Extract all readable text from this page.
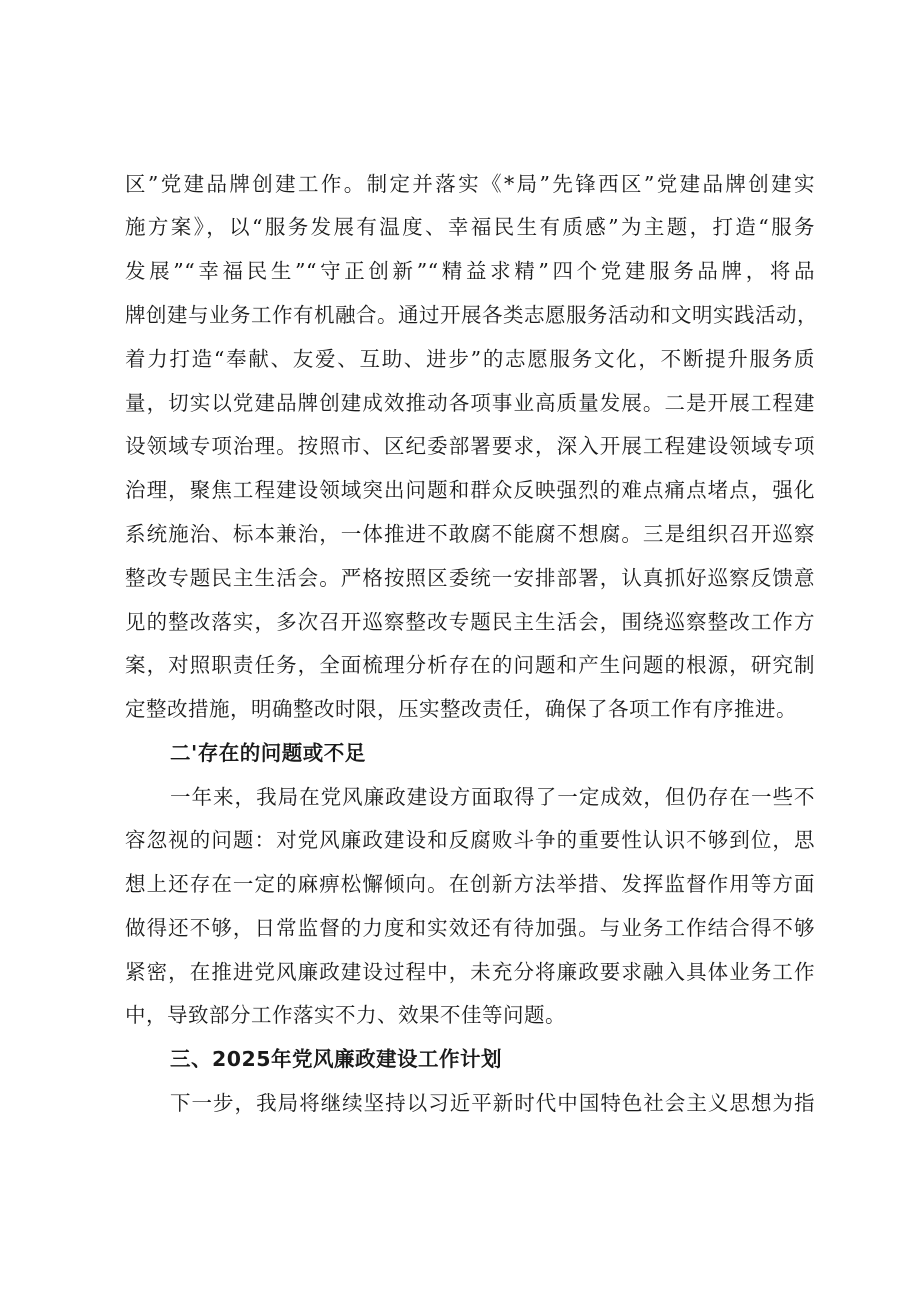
区”党建品牌创建工作。制定并落实《*局”先锋西区”党建品牌创建实
施方案》，以“服务发展有温度、幸福民生有质感”为主题，打造“服务
发展”“幸福民生”“守正创新”“精益求精”四个党建服务品牌，将品
牌创建与业务工作有机融合。通过开展各类志愿服务活动和文明实践活动，
着力打造“奉献、友爱、互助、进步”的志愿服务文化，不断提升服务质
量，切实以党建品牌创建成效推动各项事业高质量发展。二是开展工程建
设领域专项治理。按照市、区纪委部署要求，深入开展工程建设领域专项
治理，聚焦工程建设领域突出问题和群众反映强烈的难点痛点堵点，强化
系统施治、标本兼治，一体推进不敢腐不能腐不想腐。三是组织召开巡察
整改专题民主生活会。严格按照区委统一安排部署，认真抓好巡察反馈意
见的整改落实，多次召开巡察整改专题民主生活会，围绕巡察整改工作方
案，对照职责任务，全面梳理分析存在的问题和产生问题的根源，研究制
定整改措施，明确整改时限，压实整改责任，确保了各项工作有序推进。
二'存在的问题或不足
一年来，我局在党风廉政建设方面取得了一定成效，但仍存在一些不
容忽视的问题：对党风廉政建设和反腐败斗争的重要性认识不够到位，思
想上还存在一定的麻痹松懈倾向。在创新方法举措、发挥监督作用等方面
做得还不够，日常监督的力度和实效还有待加强。与业务工作结合得不够
紧密，在推进党风廉政建设过程中，未充分将廉政要求融入具体业务工作
中，导致部分工作落实不力、效果不佳等问题。
三、2025年党风廉政建设工作计划
下一步，我局将继续坚持以习近平新时代中国特色社会主义思想为指
